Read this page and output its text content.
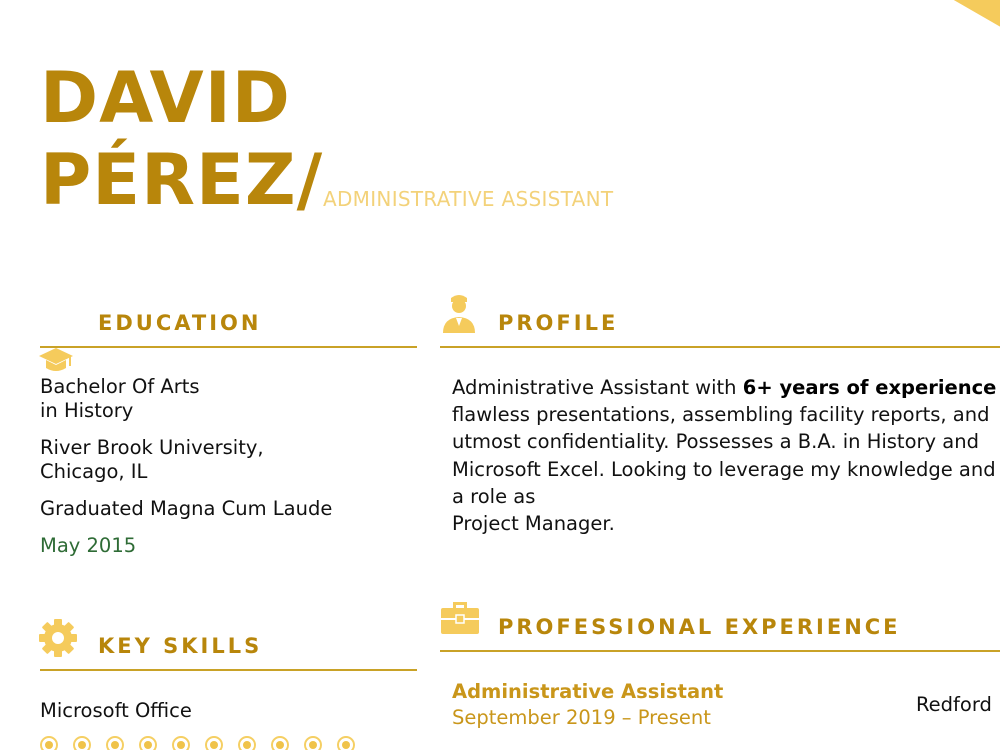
DAVID
PÉREZ/ ADMINISTRATIVE ASSISTANT
EDUCATION
Bachelor Of Arts
in History
River Brook University,
Chicago, IL
Graduated Magna Cum Laude
May 2015
KEY SKILLS
Microsoft Office
PROFILE
Administrative Assistant with 6+ years of experience
flawless presentations, assembling facility reports, and
utmost confidentiality. Possesses a B.A. in History and
Microsoft Excel. Looking to leverage my knowledge and
a role as
Project Manager.
PROFESSIONAL EXPERIENCE
Administrative Assistant
September 2019 – Present
Redford
